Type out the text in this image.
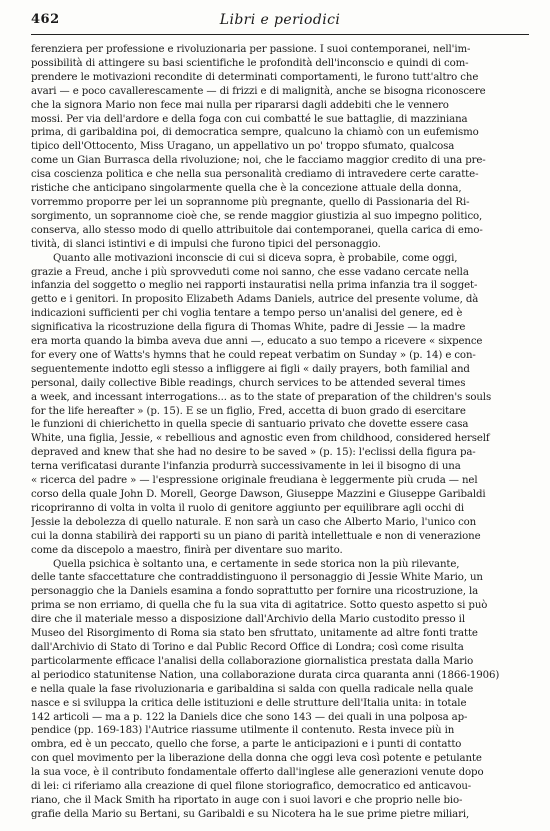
462	Libri e periodici
ferenziera per professione e rivoluzionaria per passione. I suoi contemporanei, nell'im-
possibilità di attingere su basi scientifiche le profondità dell'inconscio e quindi di com-
prendere le motivazioni recondite di determinati comportamenti, le furono tutt'altro che
avari — e poco cavallerescamente — di frizzi e di malignità, anche se bisogna riconoscere
che la signora Mario non fece mai nulla per ripararsi dagli addebiti che le vennero
mossi. Per via dell'ardore e della foga con cui combatté le sue battaglie, di mazziniana
prima, di garibaldina poi, di democratica sempre, qualcuno la chiamò con un eufemismo
tipico dell'Ottocento, Miss Uragano, un appellativo un po' troppo sfumato, qualcosa
come un Gian Burrasca della rivoluzione; noi, che le facciamo maggior credito di una pre-
cisa coscienza politica e che nella sua personalità crediamo di intravedere certe caratte-
ristiche che anticipano singolarmente quella che è la concezione attuale della donna,
vorremmo proporre per lei un soprannome più pregnante, quello di Passionaria del Ri-
sorgimento, un soprannome cioè che, se rende maggior giustizia al suo impegno politico,
conserva, allo stesso modo di quello attribuitole dai contemporanei, quella carica di emo-
tività, di slanci istintivi e di impulsi che furono tipici del personaggio.
Quanto alle motivazioni inconscie di cui si diceva sopra, è probabile, come oggi,
grazie a Freud, anche i più sprovveduti come noi sanno, che esse vadano cercate nella
infanzia del soggetto o meglio nei rapporti instauratisi nella prima infanzia tra il sogget-
getto e i genitori. In proposito Elizabeth Adams Daniels, autrice del presente volume, dà
indicazioni sufficienti per chi voglia tentare a tempo perso un'analisi del genere, ed è
significativa la ricostruzione della figura di Thomas White, padre di Jessie — la madre
era morta quando la bimba aveva due anni —, educato a suo tempo a ricevere « sixpence
for every one of Watts's hymns that he could repeat verbatim on Sunday » (p. 14) e con-
seguentemente indotto egli stesso a infliggere ai figli « daily prayers, both familial and
personal, daily collective Bible readings, church services to be attended several times
a week, and incessant interrogations... as to the state of preparation of the children's souls
for the life hereafter » (p. 15). E se un figlio, Fred, accetta di buon grado di esercitare
le funzioni di chierichetto in quella specie di santuario privato che dovette essere casa
White, una figlia, Jessie, « rebellious and agnostic even from childhood, considered herself
depraved and knew that she had no desire to be saved » (p. 15): l'eclissi della figura pa-
terna verificatasi durante l'infanzia produrrà successivamente in lei il bisogno di una
« ricerca del padre » — l'espressione originale freudiana è leggermente più cruda — nel
corso della quale John D. Morell, George Dawson, Giuseppe Mazzini e Giuseppe Garibaldi
ricopriranno di volta in volta il ruolo di genitore aggiunto per equilibrare agli occhi di
Jessie la debolezza di quello naturale. E non sarà un caso che Alberto Mario, l'unico con
cui la donna stabilirà dei rapporti su un piano di parità intellettuale e non di venerazione
come da discepolo a maestro, finirà per diventare suo marito.
Quella psichica è soltanto una, e certamente in sede storica non la più rilevante,
delle tante sfaccettature che contraddistinguono il personaggio di Jessie White Mario, un
personaggio che la Daniels esamina a fondo soprattutto per fornire una ricostruzione, la
prima se non erriamo, di quella che fu la sua vita di agitatrice. Sotto questo aspetto si può
dire che il materiale messo a disposizione dall'Archivio della Mario custodito presso il
Museo del Risorgimento di Roma sia stato ben sfruttato, unitamente ad altre fonti tratte
dall'Archivio di Stato di Torino e dal Public Record Office di Londra; così come risulta
particolarmente efficace l'analisi della collaborazione giornalistica prestata dalla Mario
al periodico statunitense Nation, una collaborazione durata circa quaranta anni (1866-1906)
e nella quale la fase rivoluzionaria e garibaldina si salda con quella radicale nella quale
nasce e si sviluppa la critica delle istituzioni e delle strutture dell'Italia unita: in totale
142 articoli — ma a p. 122 la Daniels dice che sono 143 — dei quali in una polposa ap-
pendice (pp. 169-183) l'Autrice riassume utilmente il contenuto. Resta invece più in
ombra, ed è un peccato, quello che forse, a parte le anticipazioni e i punti di contatto
con quel movimento per la liberazione della donna che oggi leva così potente e petulante
la sua voce, è il contributo fondamentale offerto dall'inglese alle generazioni venute dopo
di lei: ci riferiamo alla creazione di quel filone storiografico, democratico ed anticavou-
riano, che il Mack Smith ha riportato in auge con i suoi lavori e che proprio nelle bio-
grafie della Mario su Bertani, su Garibaldi e su Nicotera ha le sue prime pietre miliari,
